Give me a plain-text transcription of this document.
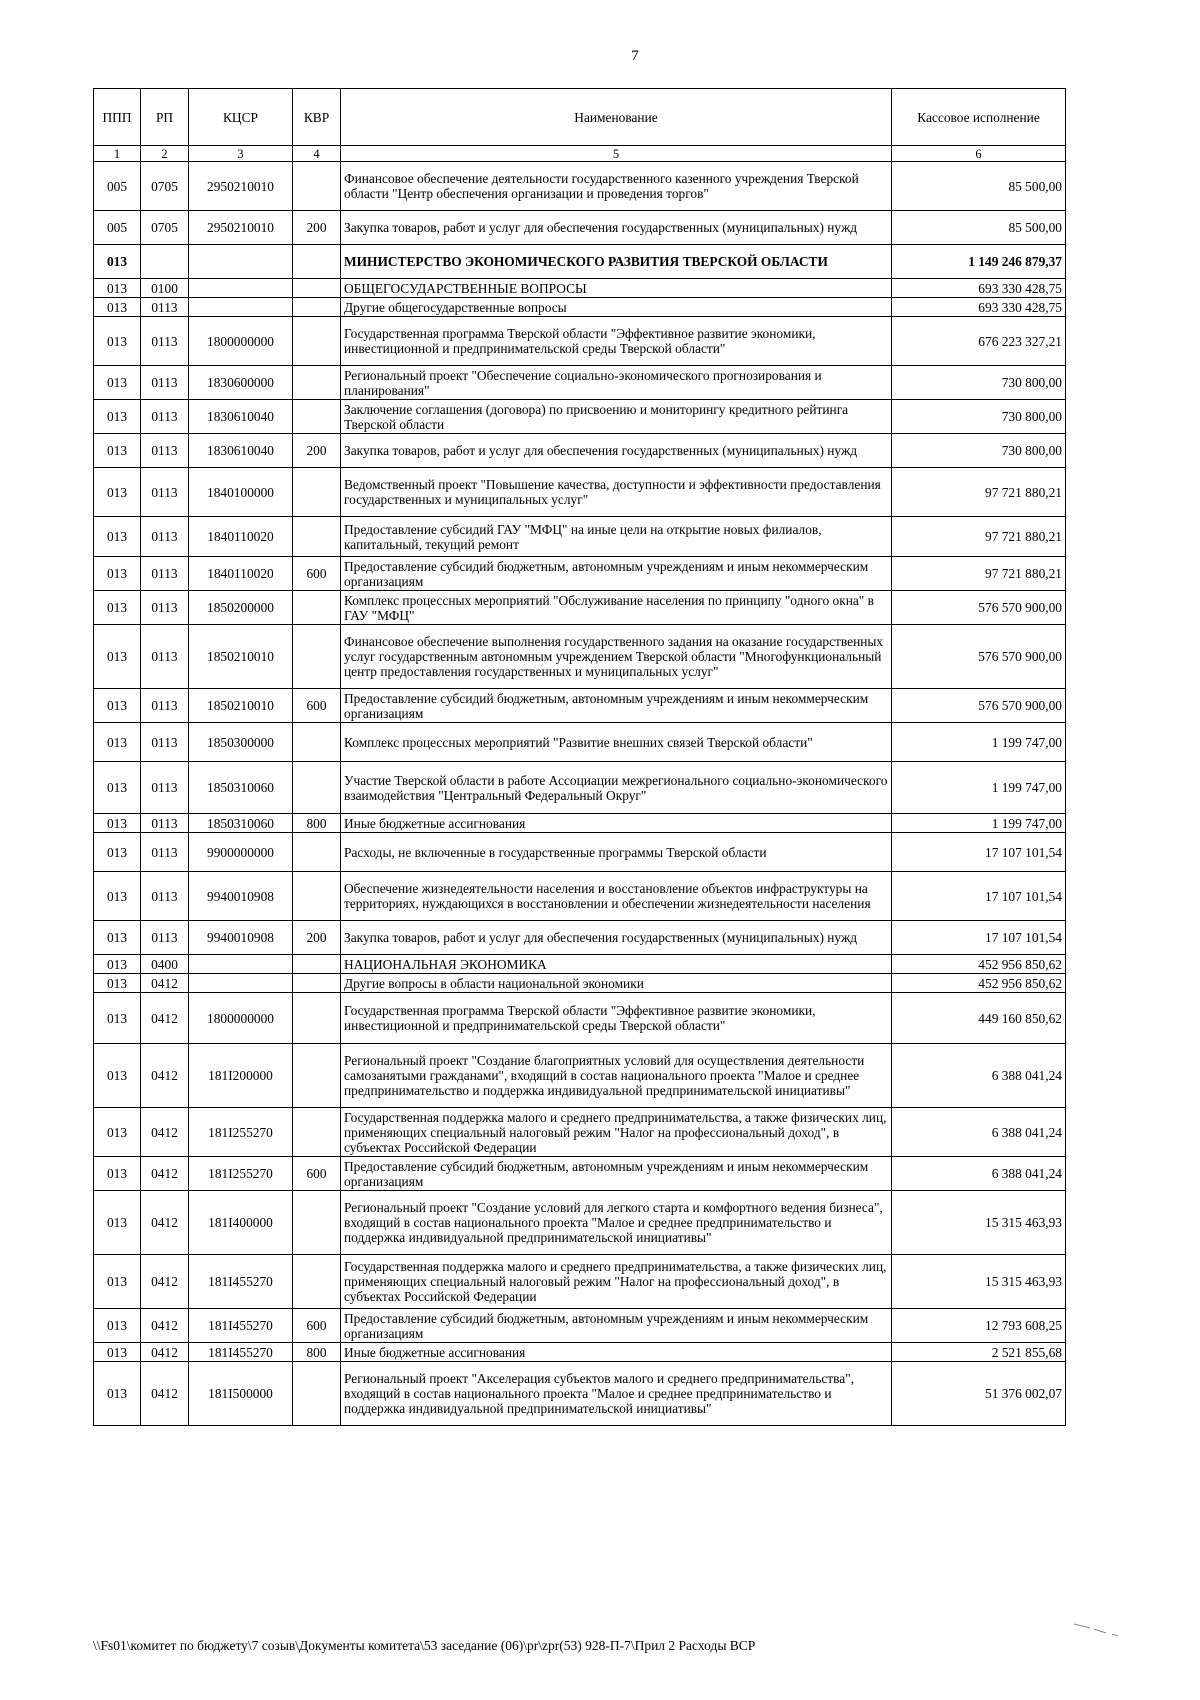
7
ППП	РП	КЦСР	КВР	Наименование	Кассовое исполнение
1	2	3	4	5	6
005	0705	2950210010		Финансовое обеспечение деятельности государственного казенного учреждения Тверской области "Центр обеспечения организации и проведения торгов"	85 500,00
005	0705	2950210010	200	Закупка товаров, работ и услуг для обеспечения государственных (муниципальных) нужд	85 500,00
013				МИНИСТЕРСТВО ЭКОНОМИЧЕСКОГО РАЗВИТИЯ ТВЕРСКОЙ ОБЛАСТИ	1 149 246 879,37
013	0100			ОБЩЕГОСУДАРСТВЕННЫЕ ВОПРОСЫ	693 330 428,75
013	0113			Другие общегосударственные вопросы	693 330 428,75
013	0113	1800000000		Государственная программа Тверской области "Эффективное развитие экономики, инвестиционной и предпринимательской среды Тверской области"	676 223 327,21
013	0113	1830600000		Региональный проект "Обеспечение социально-экономического прогнозирования и планирования"	730 800,00
013	0113	1830610040		Заключение соглашения (договора) по присвоению и мониторингу кредитного рейтинга Тверской области	730 800,00
013	0113	1830610040	200	Закупка товаров, работ и услуг для обеспечения государственных (муниципальных) нужд	730 800,00
013	0113	1840100000		Ведомственный проект "Повышение качества, доступности и эффективности предоставления государственных и муниципальных услуг"	97 721 880,21
013	0113	1840110020		Предоставление субсидий ГАУ "МФЦ" на иные цели на открытие новых филиалов, капитальный, текущий ремонт	97 721 880,21
013	0113	1840110020	600	Предоставление субсидий бюджетным, автономным учреждениям и иным некоммерческим организациям	97 721 880,21
013	0113	1850200000		Комплекс процессных мероприятий "Обслуживание населения по принципу "одного окна" в ГАУ "МФЦ"	576 570 900,00
013	0113	1850210010		Финансовое обеспечение выполнения государственного задания на оказание государственных услуг государственным автономным учреждением Тверской области "Многофункциональный центр предоставления государственных и муниципальных услуг"	576 570 900,00
013	0113	1850210010	600	Предоставление субсидий бюджетным, автономным учреждениям и иным некоммерческим организациям	576 570 900,00
013	0113	1850300000		Комплекс процессных мероприятий "Развитие внешних связей Тверской области"	1 199 747,00
013	0113	1850310060		Участие Тверской области в работе Ассоциации межрегионального социально-экономического взаимодействия "Центральный Федеральный Округ"	1 199 747,00
013	0113	1850310060	800	Иные бюджетные ассигнования	1 199 747,00
013	0113	9900000000		Расходы, не включенные в государственные программы Тверской области	17 107 101,54
013	0113	9940010908		Обеспечение жизнедеятельности населения и восстановление объектов инфраструктуры на территориях, нуждающихся в восстановлении и обеспечении жизнедеятельности населения	17 107 101,54
013	0113	9940010908	200	Закупка товаров, работ и услуг для обеспечения государственных (муниципальных) нужд	17 107 101,54
013	0400			НАЦИОНАЛЬНАЯ ЭКОНОМИКА	452 956 850,62
013	0412			Другие вопросы в области национальной экономики	452 956 850,62
013	0412	1800000000		Государственная программа Тверской области "Эффективное развитие экономики, инвестиционной и предпринимательской среды Тверской области"	449 160 850,62
013	0412	181I200000		Региональный проект "Создание благоприятных условий для осуществления деятельности самозанятыми гражданами", входящий в состав национального проекта "Малое и среднее предпринимательство и поддержка индивидуальной предпринимательской инициативы"	6 388 041,24
013	0412	181I255270		Государственная поддержка малого и среднего предпринимательства, а также физических лиц, применяющих специальный налоговый режим "Налог на профессиональный доход", в субъектах Российской Федерации	6 388 041,24
013	0412	181I255270	600	Предоставление субсидий бюджетным, автономным учреждениям и иным некоммерческим организациям	6 388 041,24
013	0412	181I400000		Региональный проект "Создание условий для легкого старта и комфортного ведения бизнеса", входящий в состав национального проекта "Малое и среднее предпринимательство и поддержка индивидуальной предпринимательской инициативы"	15 315 463,93
013	0412	181I455270		Государственная поддержка малого и среднего предпринимательства, а также физических лиц, применяющих специальный налоговый режим "Налог на профессиональный доход", в субъектах Российской Федерации	15 315 463,93
013	0412	181I455270	600	Предоставление субсидий бюджетным, автономным учреждениям и иным некоммерческим организациям	12 793 608,25
013	0412	181I455270	800	Иные бюджетные ассигнования	2 521 855,68
013	0412	181I500000		Региональный проект "Акселерация субъектов малого и среднего предпринимательства", входящий в состав национального проекта "Малое и среднее предпринимательство и поддержка индивидуальной предпринимательской инициативы"	51 376 002,07
\\Fs01\комитет по бюджету\7 созыв\Документы комитета\53 заседание (06)\pr\zpr(53) 928-П-7\Прил 2 Расходы ВСР
